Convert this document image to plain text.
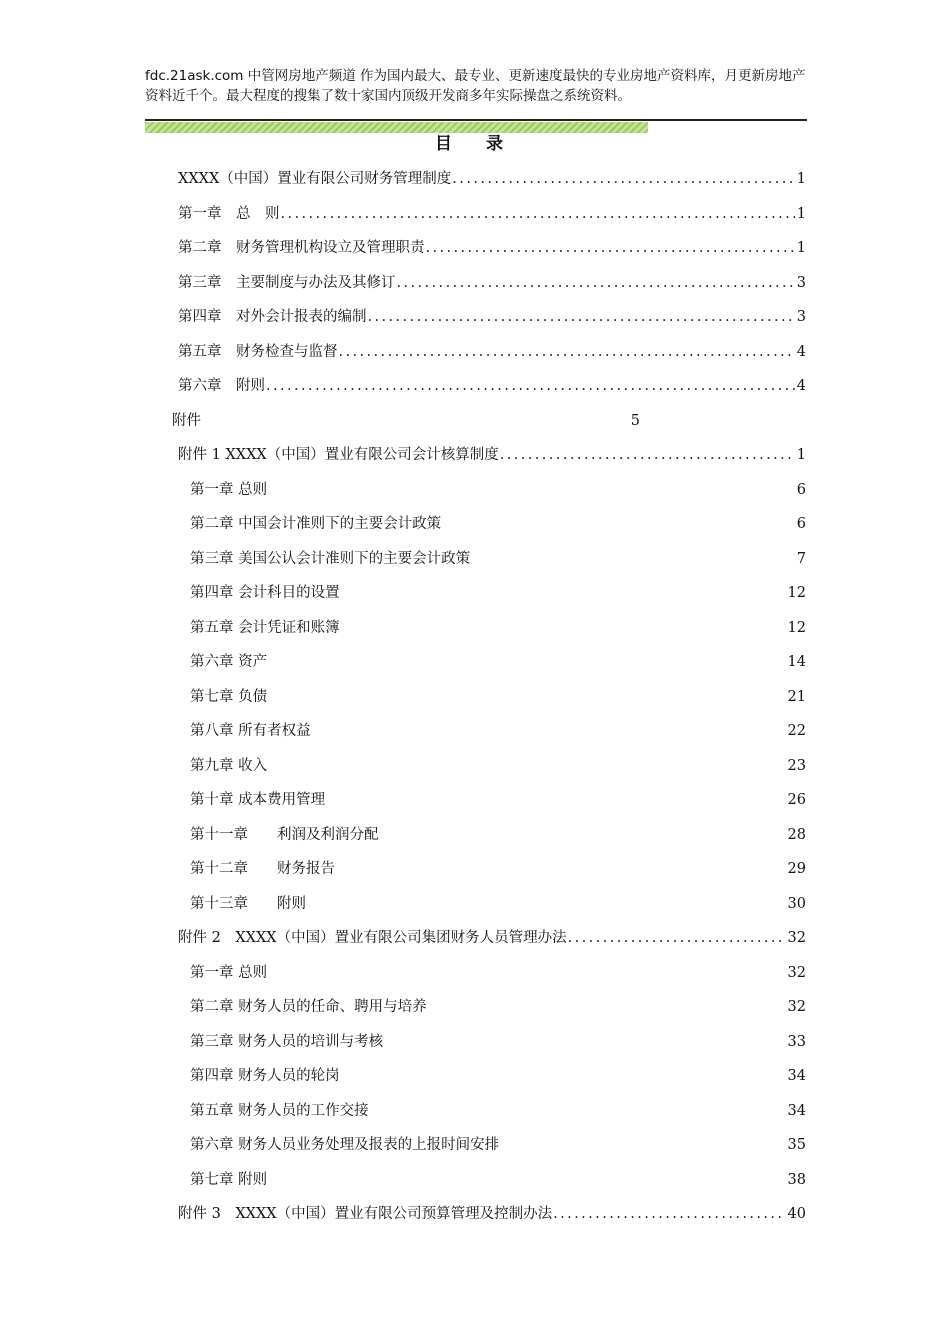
fdc.21ask.com 中管网房地产频道 作为国内最大、最专业、更新速度最快的专业房地产资料库，月更新房地产资料近千个。最大程度的搜集了数十家国内顶级开发商多年实际操盘之系统资料。
目 录
XXXX（中国）置业有限公司财务管理制度 .....	1
第一章　总　则 .....	1
第二章　财务管理机构设立及管理职责 .....	1
第三章　主要制度与办法及其修订 .....	3
第四章　对外会计报表的编制 .....	3
第五章　财务检查与监督 .....	4
第六章　附则 .....	4
附件	5
附件 1 XXXX（中国）置业有限公司会计核算制度 .....	1
第一章 总则	6
第二章 中国会计准则下的主要会计政策	6
第三章 美国公认会计准则下的主要会计政策	7
第四章 会计科目的设置	12
第五章 会计凭证和账簿	12
第六章 资产	14
第七章 负债	21
第八章 所有者权益	22
第九章 收入	23
第十章 成本费用管理	26
第十一章　　利润及利润分配	28
第十二章　　财务报告	29
第十三章　　附则	30
附件 2　XXXX（中国）置业有限公司集团财务人员管理办法 .....	32
第一章 总则	32
第二章 财务人员的任命、聘用与培养	32
第三章 财务人员的培训与考核	33
第四章 财务人员的轮岗	34
第五章 财务人员的工作交接	34
第六章 财务人员业务处理及报表的上报时间安排	35
第七章 附则	38
附件 3　XXXX（中国）置业有限公司预算管理及控制办法 .....	40
